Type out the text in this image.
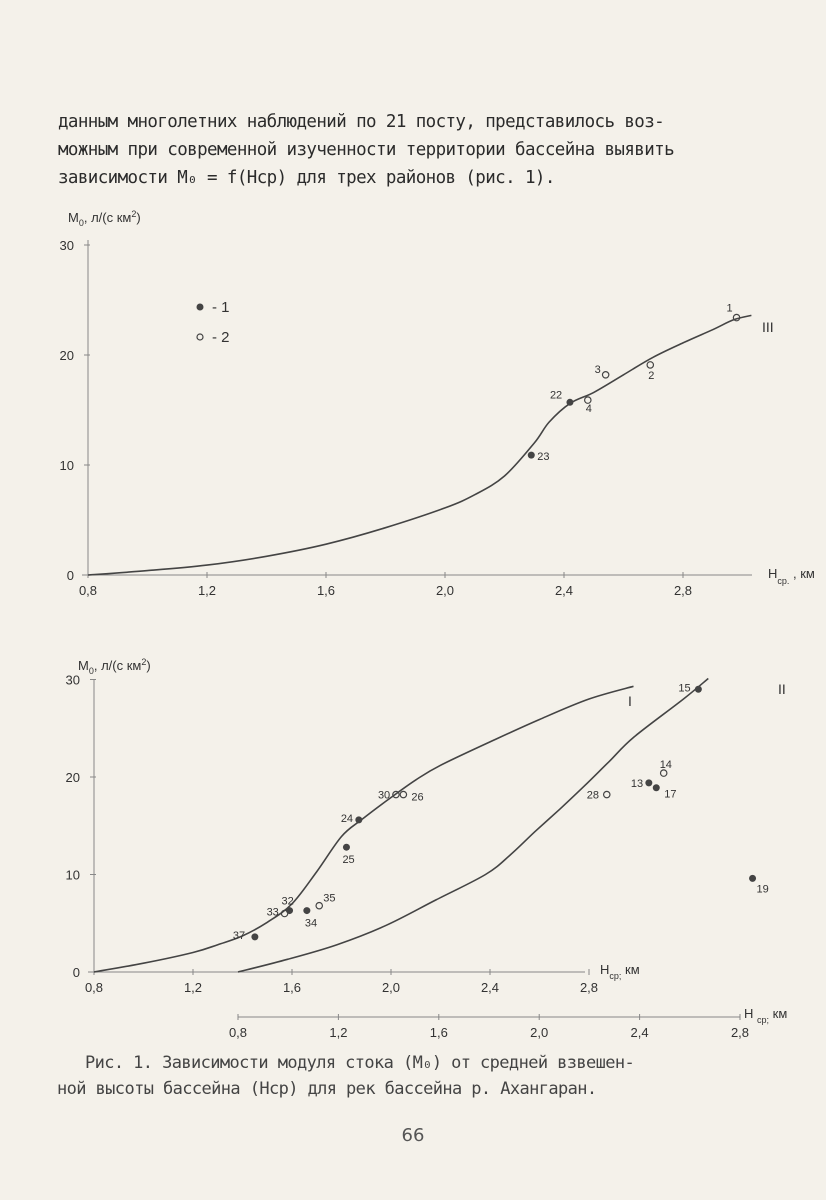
данным многолетних наблюдений по 21 посту, представилось воз-

можным при современной изученности территории бассейна выявить

зависимости M₀ = f(Hср) для трех районов (рис. 1).

0,8	1,2	1,6	2,0	2,4	2,8
0
10
20
30
III
22
23
1
2
3
4
$M_0$, л/(с $км^2$)
$H_{ср.}$ , км
- 1
- 2
0,8	1,2	1,6	2,0	2,4	2,8
0
10
20
30
0,8	1,2	1,6	2,0	2,4	2,8
I
II
37
32
34
25
24
13
17
19
15
33
35
30 26	28
14
$M_0$, л/(с $км^2$)
$H_{ср;}$ км
H $_{ср;}$ км

Рис. 1. Зависимости модуля стока (M₀) от средней взвешен-

ной высоты бассейна (Hср) для рек бассейна р. Ахангаран.

66
